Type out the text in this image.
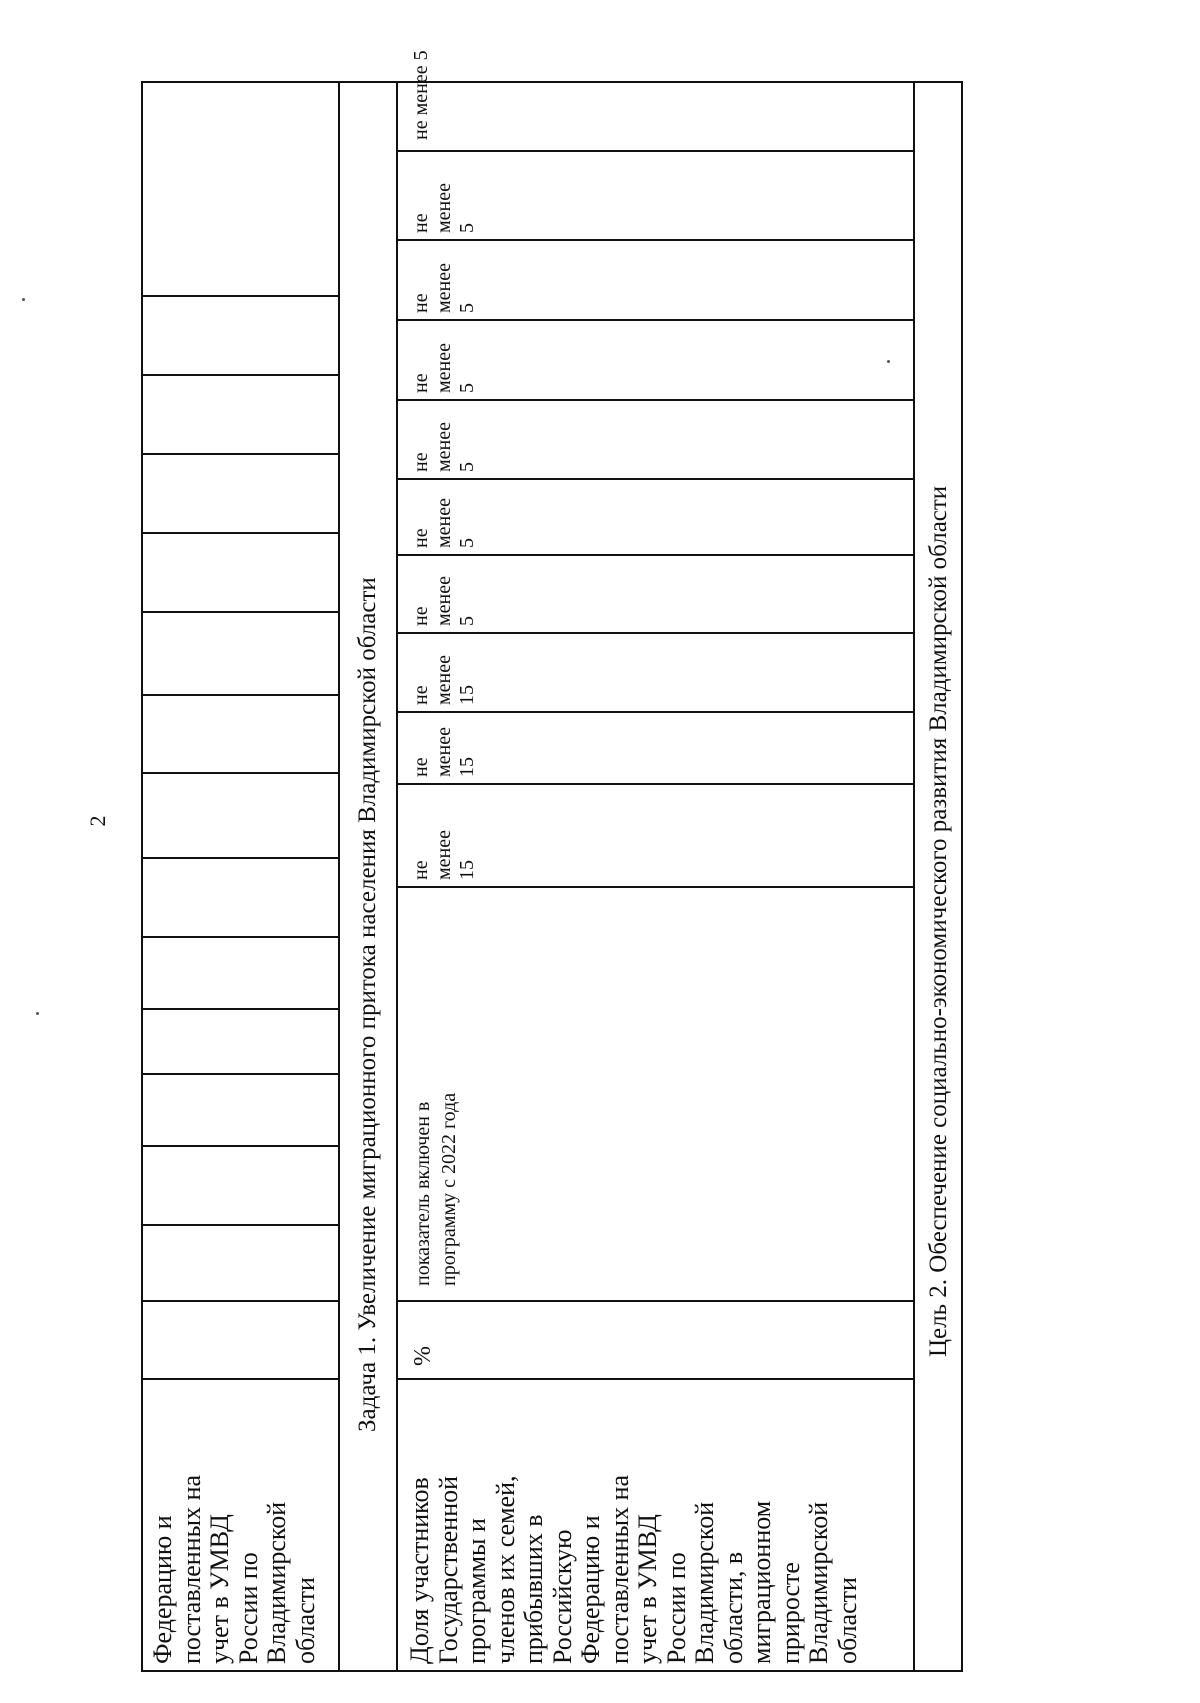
2
Федерацию и
поставленных на
учет в УМВД
России по
Владимирской
области
Задача 1. Увеличение миграционного притока населения Владимирской области
Доля участников
Государственной
программы и
членов их семей,
прибывших в
Российскую
Федерацию и
поставленных на
учет в УМВД
России по
Владимирской
области, в
миграционном
приросте
Владимирской
области
%
показатель включен в
программу с 2022 года
не
менее
15
не
менее
15
не
менее
15
не
менее
5
не
менее
5
не
менее
5
не
менее
5
не
менее
5
не
менее
5
не менее 5
Цель 2. Обеспечение социально-экономического развития Владимирской области
